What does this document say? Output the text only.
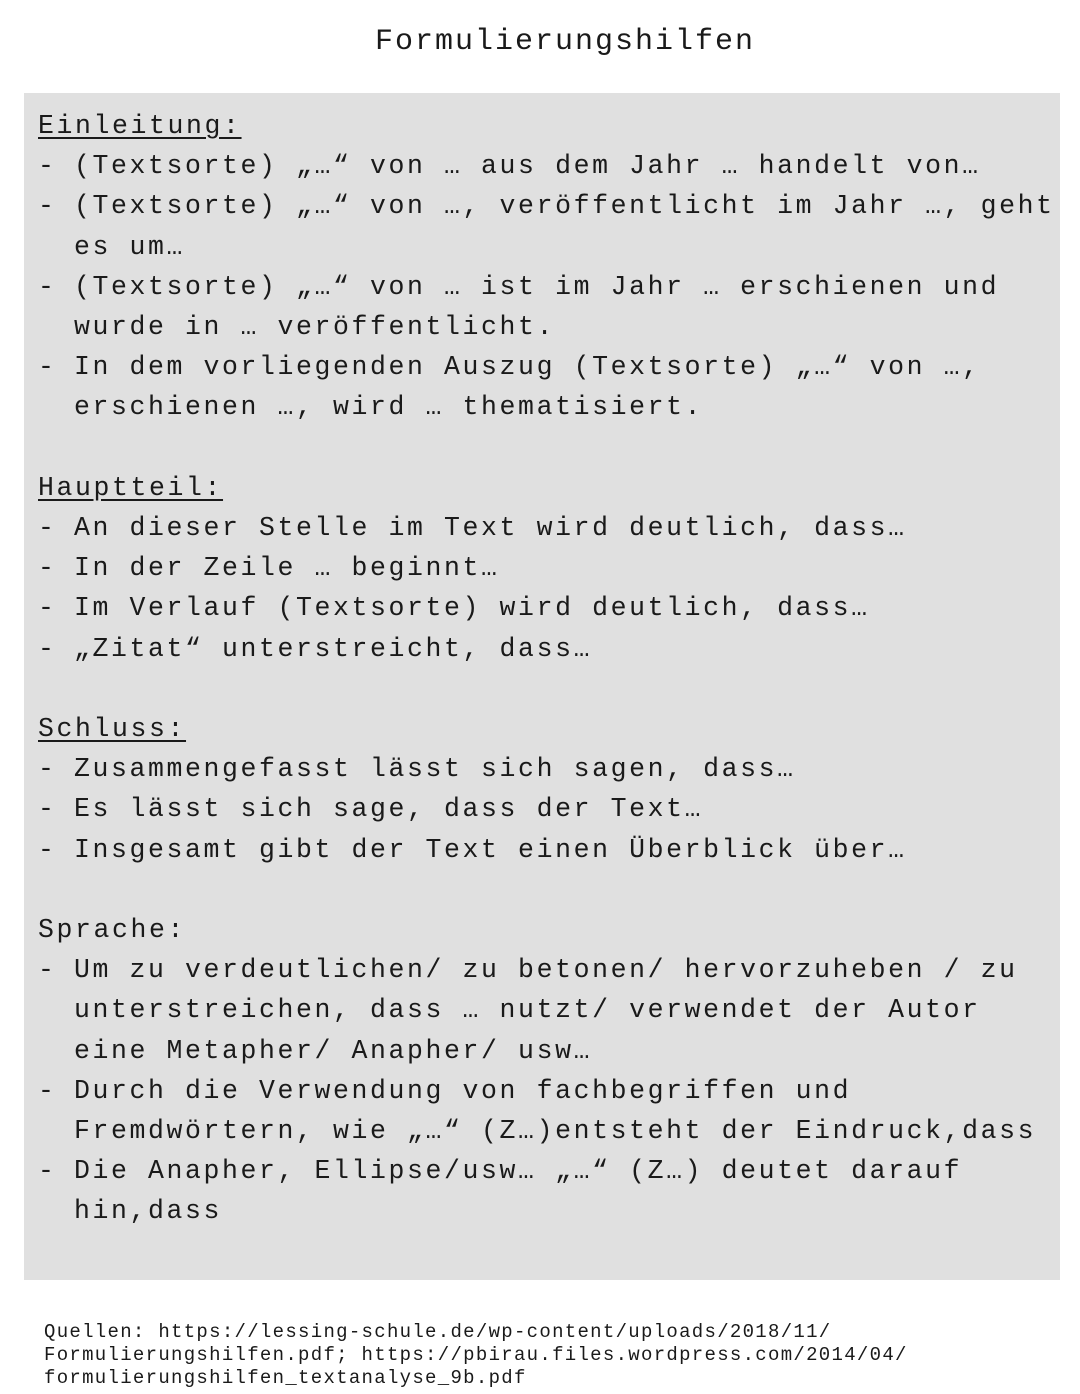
Formulierungshilfen
Einleitung:
- (Textsorte) „…“ von … aus dem Jahr … handelt von…
- (Textsorte) „…“ von …, veröffentlicht im Jahr …, geht es um…
- (Textsorte) „…“ von … ist im Jahr … erschienen und wurde in … veröffentlicht.
- In dem vorliegenden Auszug (Textsorte) „…“ von …, erschienen …, wird … thematisiert.
Hauptteil:
- An dieser Stelle im Text wird deutlich, dass…
- In der Zeile … beginnt…
- Im Verlauf (Textsorte) wird deutlich, dass…
- „Zitat“ unterstreicht, dass…
Schluss:
- Zusammengefasst lässt sich sagen, dass…
- Es lässt sich sage, dass der Text…
- Insgesamt gibt der Text einen Überblick über…
Sprache:
- Um zu verdeutlichen/ zu betonen/ hervorzuheben / zu unterstreichen, dass … nutzt/ verwendet der Autor eine Metapher/ Anapher/ usw…
- Durch die Verwendung von fachbegriffen und Fremdwörtern, wie „…“ (Z…)entsteht der Eindruck,dass
- Die Anapher, Ellipse/usw… „…“ (Z…) deutet darauf hin,dass
Quellen: https://lessing-schule.de/wp-content/uploads/2018/11/
Formulierungshilfen.pdf; https://pbirau.files.wordpress.com/2014/04/
formulierungshilfen_textanalyse_9b.pdf
